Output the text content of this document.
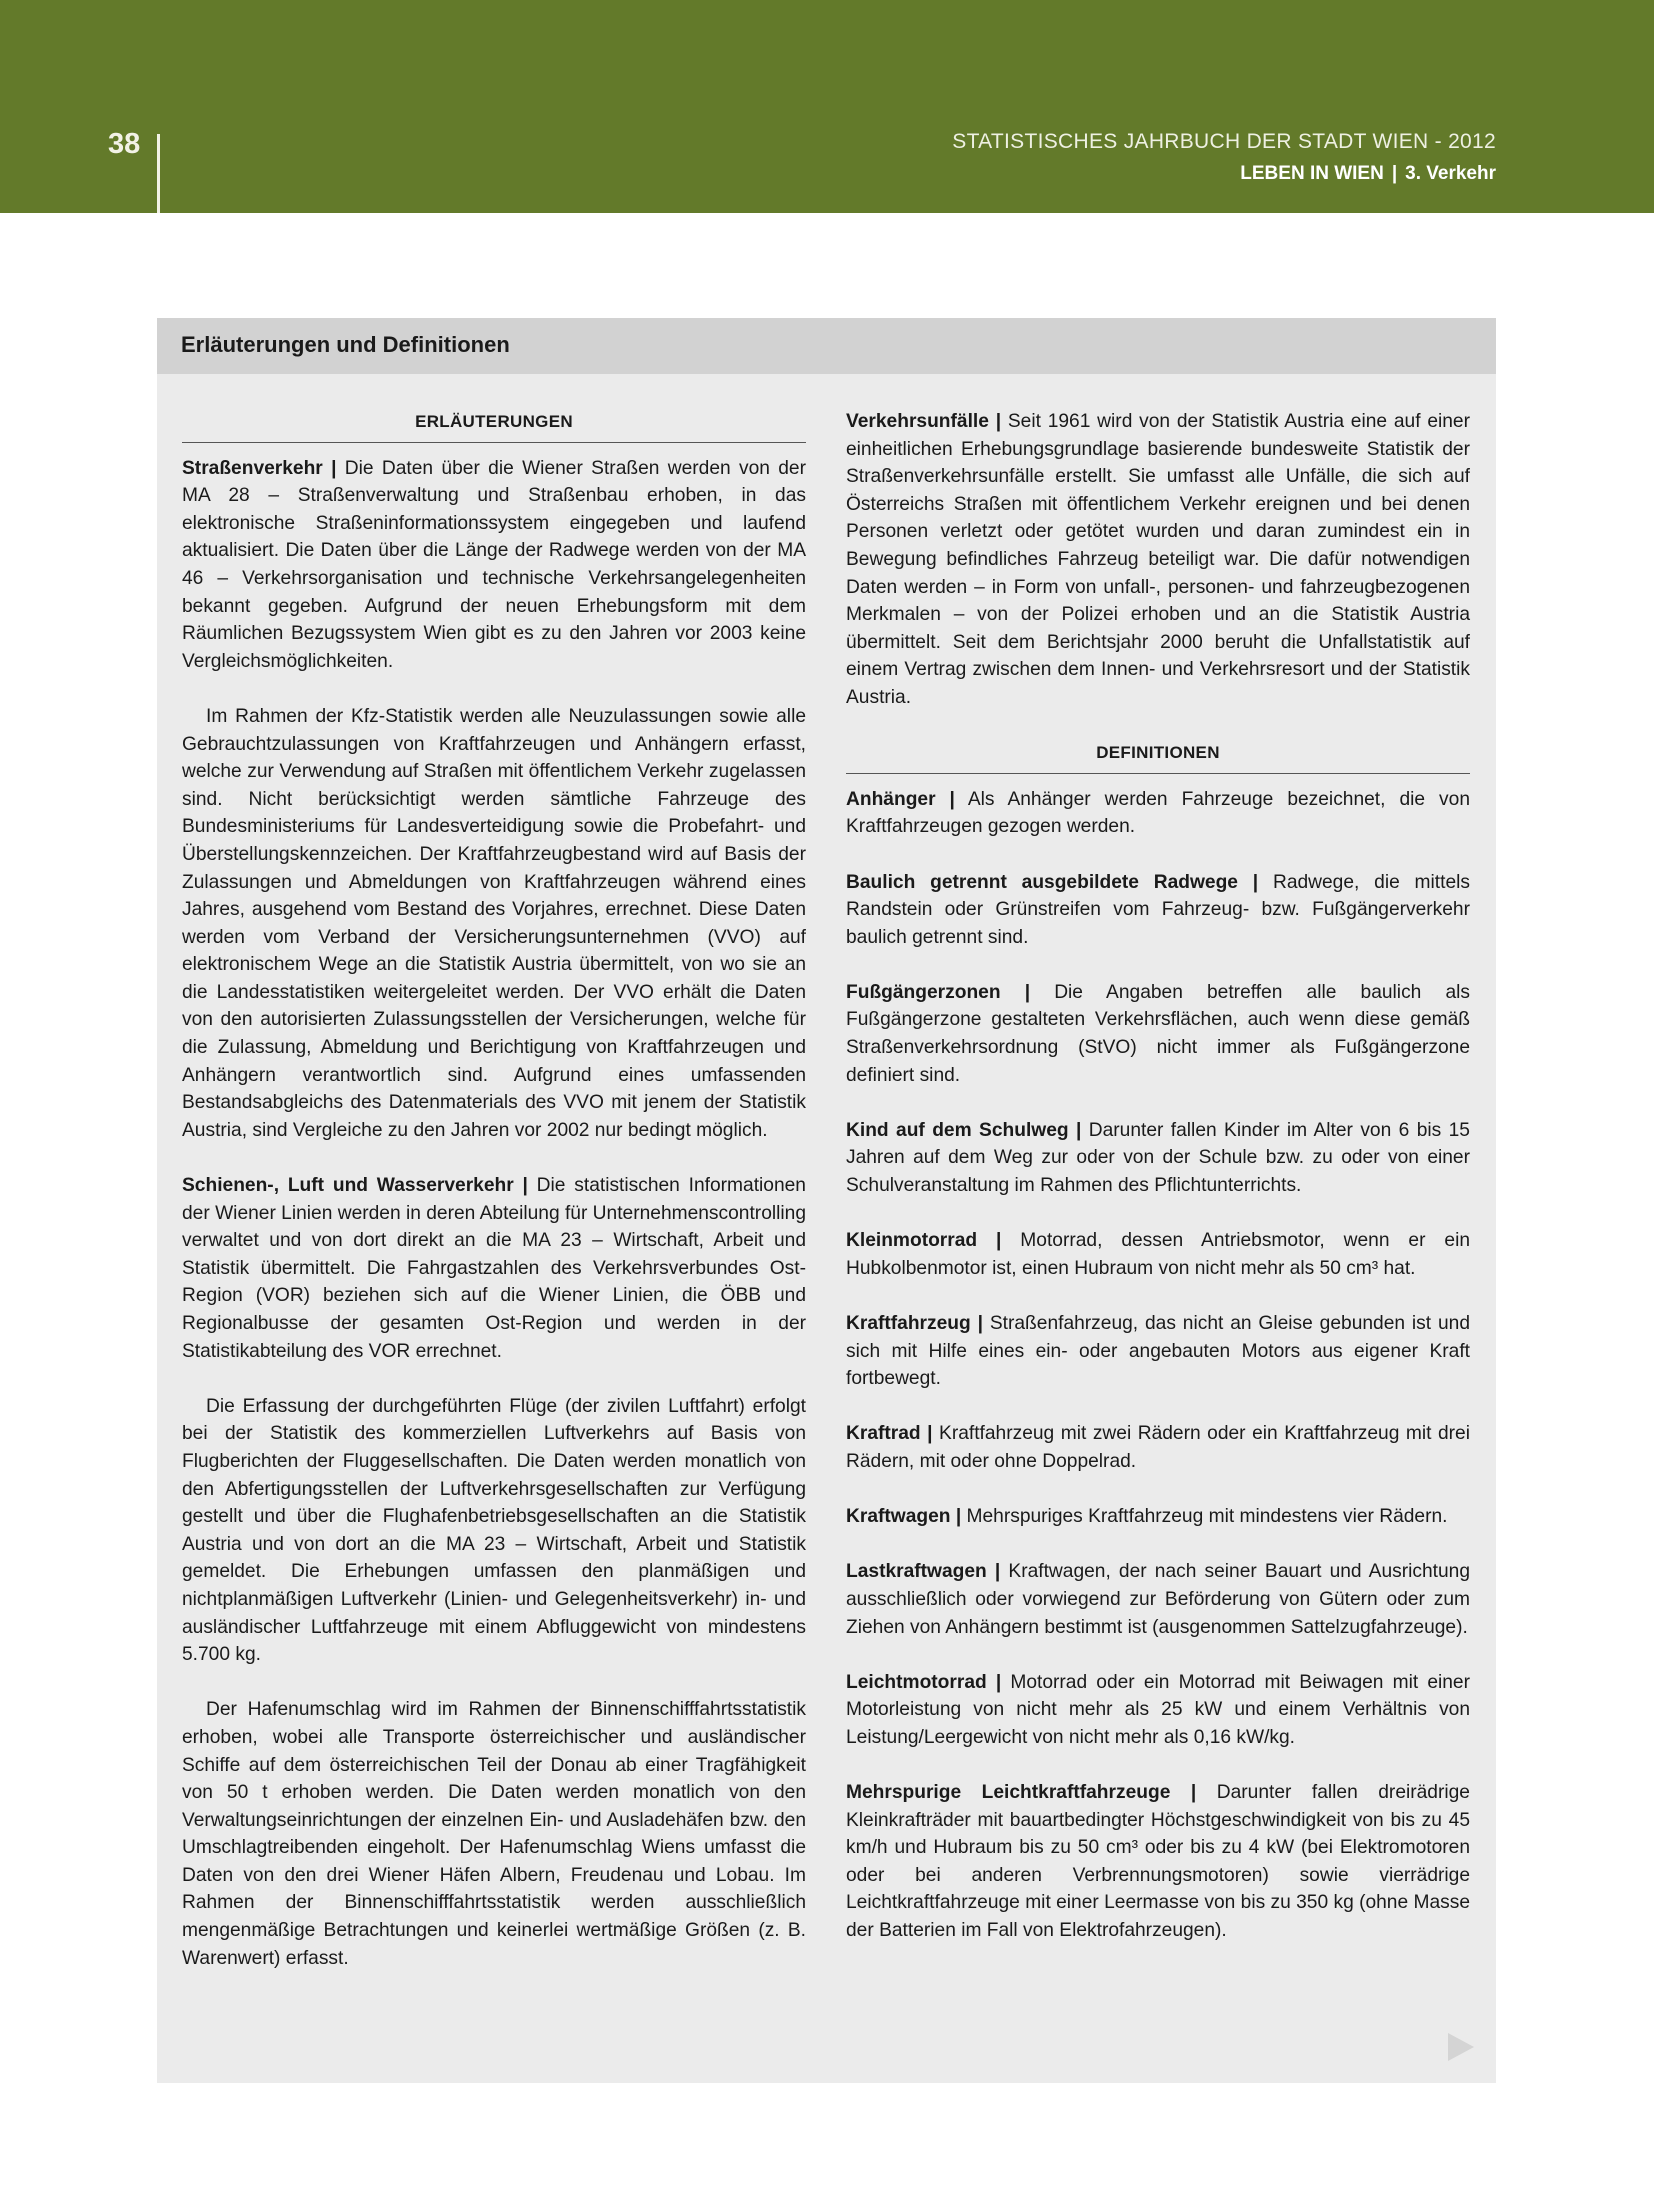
38	STATISTISCHES JAHRBUCH DER STADT WIEN - 2012
LEBEN IN WIEN | 3. Verkehr
Erläuterungen und Definitionen
ERLÄUTERUNGEN

Straßenverkehr | Die Daten über die Wiener Straßen werden von der MA 28 – Straßenverwaltung und Straßenbau erhoben, in das elektronische Straßeninformationssystem eingegeben und laufend aktualisiert. Die Daten über die Länge der Radwege werden von der MA 46 – Verkehrsorganisation und technische Verkehrsangelegenheiten bekannt gegeben. Aufgrund der neuen Erhebungsform mit dem Räumlichen Bezugssystem Wien gibt es zu den Jahren vor 2003 keine Vergleichsmöglichkeiten.

Im Rahmen der Kfz-Statistik werden alle Neuzulassungen sowie alle Gebrauchtzulassungen von Kraftfahrzeugen und Anhängern erfasst, welche zur Verwendung auf Straßen mit öffentlichem Verkehr zugelassen sind. Nicht berücksichtigt werden sämtliche Fahrzeuge des Bundesministeriums für Landesverteidigung sowie die Probefahrt- und Überstellungskennzeichen. Der Kraftfahrzeugbestand wird auf Basis der Zulassungen und Abmeldungen von Kraftfahrzeugen während eines Jahres, ausgehend vom Bestand des Vorjahres, errechnet. Diese Daten werden vom Verband der Versicherungsunternehmen (VVO) auf elektronischem Wege an die Statistik Austria übermittelt, von wo sie an die Landesstatistiken weitergeleitet werden. Der VVO erhält die Daten von den autorisierten Zulassungsstellen der Versicherungen, welche für die Zulassung, Abmeldung und Berichtigung von Kraftfahrzeugen und Anhängern verantwortlich sind. Aufgrund eines umfassenden Bestandsabgleichs des Datenmaterials des VVO mit jenem der Statistik Austria, sind Vergleiche zu den Jahren vor 2002 nur bedingt möglich.

Schienen-, Luft und Wasserverkehr | Die statistischen Informationen der Wiener Linien werden in deren Abteilung für Unternehmenscontrolling verwaltet und von dort direkt an die MA 23 – Wirtschaft, Arbeit und Statistik übermittelt. Die Fahrgastzahlen des Verkehrsverbundes Ost-Region (VOR) beziehen sich auf die Wiener Linien, die ÖBB und Regionalbusse der gesamten Ost-Region und werden in der Statistikabteilung des VOR errechnet.

Die Erfassung der durchgeführten Flüge (der zivilen Luftfahrt) erfolgt bei der Statistik des kommerziellen Luftverkehrs auf Basis von Flugberichten der Fluggesellschaften. Die Daten werden monatlich von den Abfertigungsstellen der Luftverkehrsgesellschaften zur Verfügung gestellt und über die Flughafenbetriebsgesellschaften an die Statistik Austria und von dort an die MA 23 – Wirtschaft, Arbeit und Statistik gemeldet. Die Erhebungen umfassen den planmäßigen und nichtplanmäßigen Luftverkehr (Linien- und Gelegenheitsverkehr) in- und ausländischer Luftfahrzeuge mit einem Abfluggewicht von mindestens 5.700 kg.

Der Hafenumschlag wird im Rahmen der Binnenschifffahrtsstatistik erhoben, wobei alle Transporte österreichischer und ausländischer Schiffe auf dem österreichischen Teil der Donau ab einer Tragfähigkeit von 50 t erhoben werden. Die Daten werden monatlich von den Verwaltungseinrichtungen der einzelnen Ein- und Ausladehäfen bzw. den Umschlagtreibenden eingeholt. Der Hafenumschlag Wiens umfasst die Daten von den drei Wiener Häfen Albern, Freudenau und Lobau. Im Rahmen der Binnenschifffahrtsstatistik werden ausschließlich mengenmäßige Betrachtungen und keinerlei wertmäßige Größen (z. B. Warenwert) erfasst.

Verkehrsunfälle | Seit 1961 wird von der Statistik Austria eine auf einer einheitlichen Erhebungsgrundlage basierende bundesweite Statistik der Straßenverkehrsunfälle erstellt. Sie umfasst alle Unfälle, die sich auf Österreichs Straßen mit öffentlichem Verkehr ereignen und bei denen Personen verletzt oder getötet wurden und daran zumindest ein in Bewegung befindliches Fahrzeug beteiligt war. Die dafür notwendigen Daten werden – in Form von unfall-, personen- und fahrzeugbezogenen Merkmalen – von der Polizei erhoben und an die Statistik Austria übermittelt. Seit dem Berichtsjahr 2000 beruht die Unfallstatistik auf einem Vertrag zwischen dem Innen- und Verkehrsresort und der Statistik Austria.

DEFINITIONEN

Anhänger | Als Anhänger werden Fahrzeuge bezeichnet, die von Kraftfahrzeugen gezogen werden.

Baulich getrennt ausgebildete Radwege | Radwege, die mittels Randstein oder Grünstreifen vom Fahrzeug- bzw. Fußgängerverkehr baulich getrennt sind.

Fußgängerzonen | Die Angaben betreffen alle baulich als Fußgängerzone gestalteten Verkehrsflächen, auch wenn diese gemäß Straßenverkehrsordnung (StVO) nicht immer als Fußgängerzone definiert sind.

Kind auf dem Schulweg | Darunter fallen Kinder im Alter von 6 bis 15 Jahren auf dem Weg zur oder von der Schule bzw. zu oder von einer Schulveranstaltung im Rahmen des Pflichtunterrichts.

Kleinmotorrad | Motorrad, dessen Antriebsmotor, wenn er ein Hubkolbenmotor ist, einen Hubraum von nicht mehr als 50 cm³ hat.

Kraftfahrzeug | Straßenfahrzeug, das nicht an Gleise gebunden ist und sich mit Hilfe eines ein- oder angebauten Motors aus eigener Kraft fortbewegt.

Kraftrad | Kraftfahrzeug mit zwei Rädern oder ein Kraftfahrzeug mit drei Rädern, mit oder ohne Doppelrad.

Kraftwagen | Mehrspuriges Kraftfahrzeug mit mindestens vier Rädern.

Lastkraftwagen | Kraftwagen, der nach seiner Bauart und Ausrichtung ausschließlich oder vorwiegend zur Beförderung von Gütern oder zum Ziehen von Anhängern bestimmt ist (ausgenommen Sattelzugfahrzeuge).

Leichtmotorrad | Motorrad oder ein Motorrad mit Beiwagen mit einer Motorleistung von nicht mehr als 25 kW und einem Verhältnis von Leistung/Leergewicht von nicht mehr als 0,16 kW/kg.

Mehrspurige Leichtkraftfahrzeuge | Darunter fallen dreirädrige Kleinkrafträder mit bauartbedingter Höchstgeschwindigkeit von bis zu 45 km/h und Hubraum bis zu 50 cm³ oder bis zu 4 kW (bei Elektromotoren oder bei anderen Verbrennungsmotoren) sowie vierrädrige Leichtkraftfahrzeuge mit einer Leermasse von bis zu 350 kg (ohne Masse der Batterien im Fall von Elektrofahrzeugen).
